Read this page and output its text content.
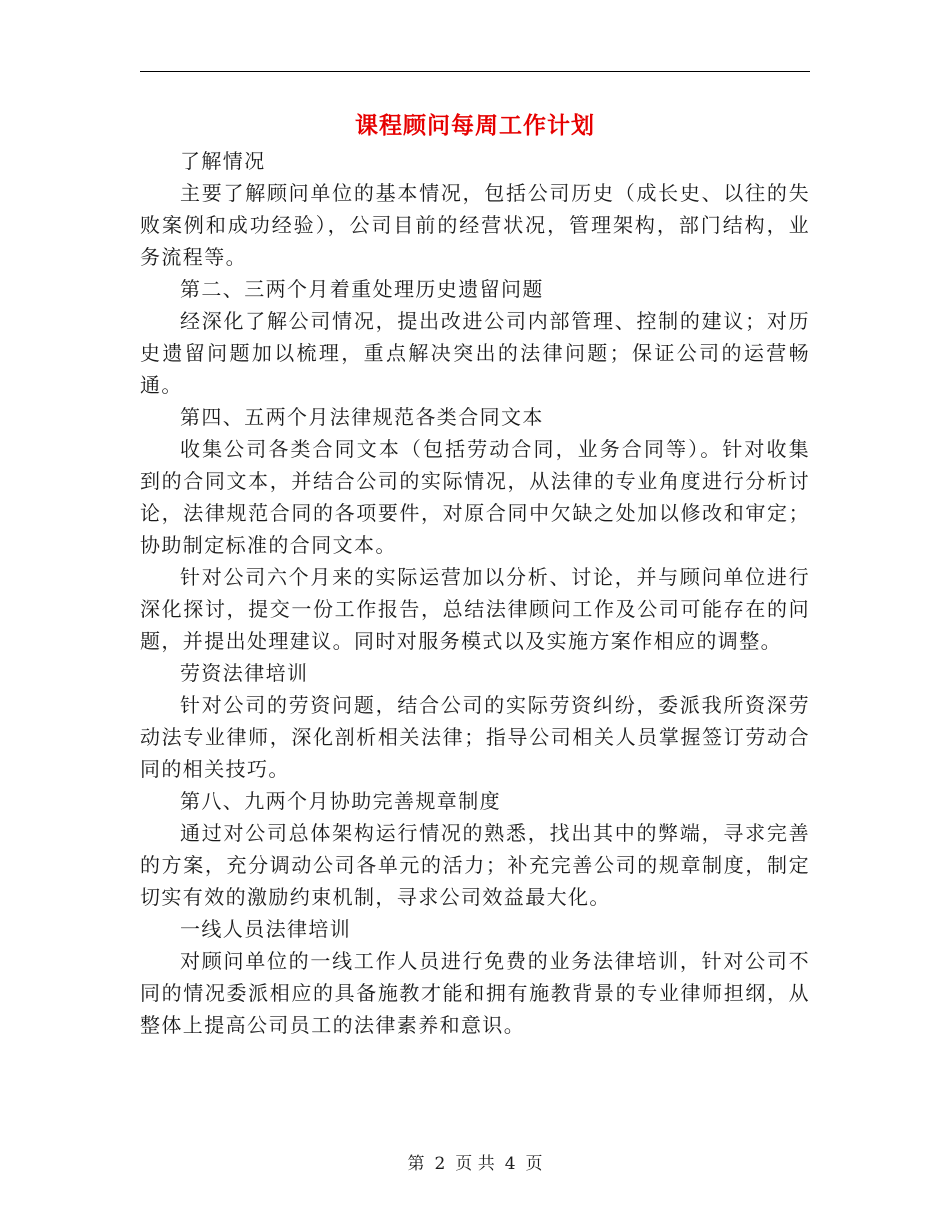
课程顾问每周工作计划

了解情况

主要了解顾问单位的基本情况，包括公司历史（成长史、以往的失败案例和成功经验），公司目前的经营状况，管理架构，部门结构，业务流程等。

第二、三两个月着重处理历史遗留问题

经深化了解公司情况，提出改进公司内部管理、控制的建议；对历史遗留问题加以梳理，重点解决突出的法律问题；保证公司的运营畅通。

第四、五两个月法律规范各类合同文本

收集公司各类合同文本（包括劳动合同，业务合同等）。针对收集到的合同文本，并结合公司的实际情况，从法律的专业角度进行分析讨论，法律规范合同的各项要件，对原合同中欠缺之处加以修改和审定；协助制定标准的合同文本。

针对公司六个月来的实际运营加以分析、讨论，并与顾问单位进行深化探讨，提交一份工作报告，总结法律顾问工作及公司可能存在的问题，并提出处理建议。同时对服务模式以及实施方案作相应的调整。

劳资法律培训

针对公司的劳资问题，结合公司的实际劳资纠纷，委派我所资深劳动法专业律师，深化剖析相关法律；指导公司相关人员掌握签订劳动合同的相关技巧。

第八、九两个月协助完善规章制度

通过对公司总体架构运行情况的熟悉，找出其中的弊端，寻求完善的方案，充分调动公司各单元的活力；补充完善公司的规章制度，制定切实有效的激励约束机制，寻求公司效益最大化。

一线人员法律培训

对顾问单位的一线工作人员进行免费的业务法律培训，针对公司不同的情况委派相应的具备施教才能和拥有施教背景的专业律师担纲，从整体上提高公司员工的法律素养和意识。

第 2 页 共 4 页
